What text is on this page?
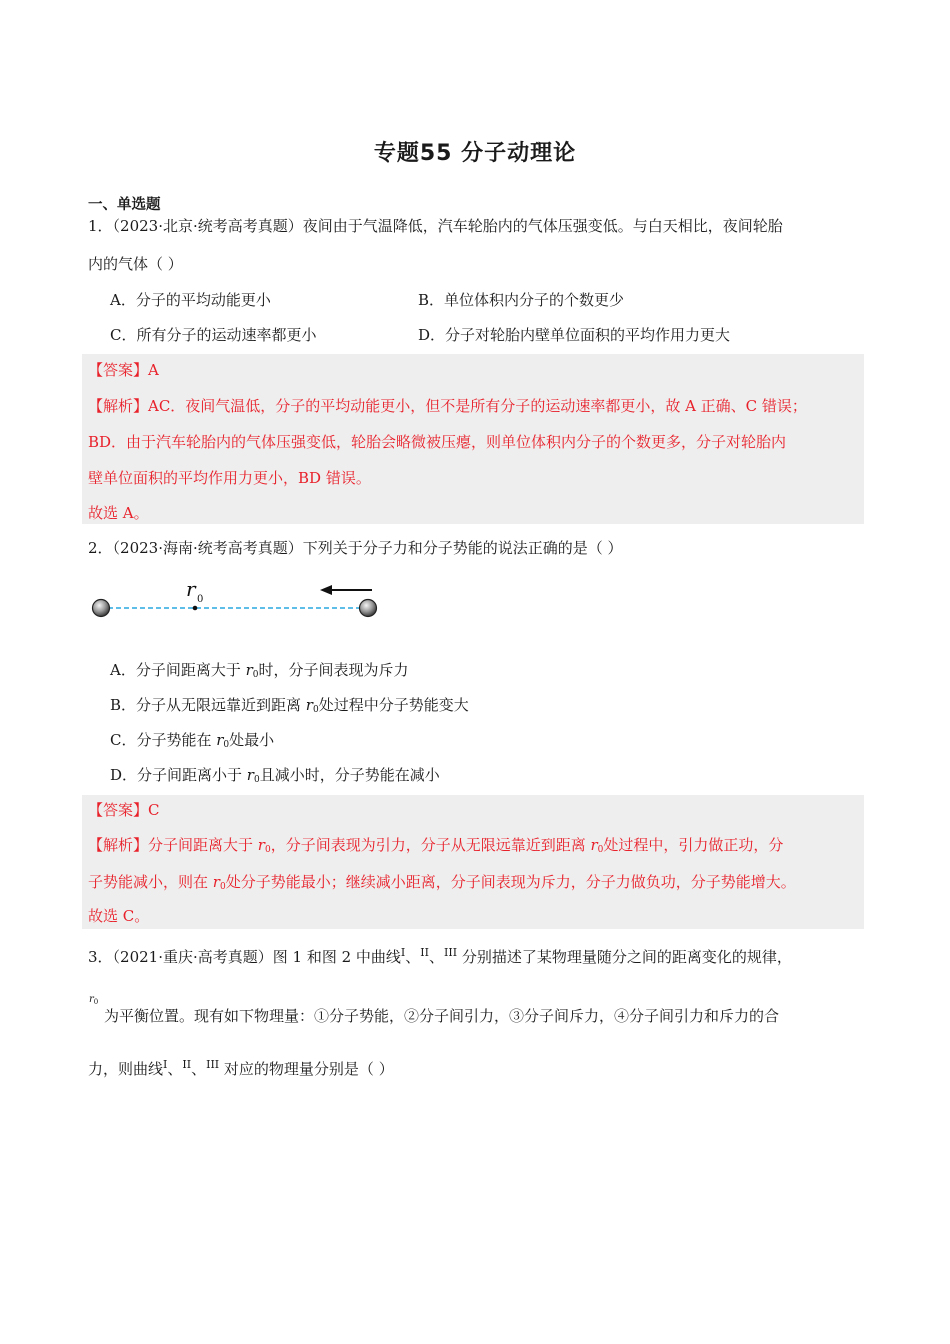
专题55 分子动理论
一、单选题
1．（2023·北京·统考高考真题）夜间由于气温降低，汽车轮胎内的气体压强变低。与白天相比，夜间轮胎
内的气体（ ）
A．分子的平均动能更小	B．单位体积内分子的个数更少
C．所有分子的运动速率都更小	D．分子对轮胎内壁单位面积的平均作用力更大
【答案】A
【解析】AC．夜间气温低，分子的平均动能更小，但不是所有分子的运动速率都更小，故 A 正确、C 错误；
BD．由于汽车轮胎内的气体压强变低，轮胎会略微被压瘪，则单位体积内分子的个数更多，分子对轮胎内
壁单位面积的平均作用力更小，BD 错误。
故选 A。
2．（2023·海南·统考高考真题）下列关于分子力和分子势能的说法正确的是（ ）
r 0
A．分子间距离大于 $r_0$时，分子间表现为斥力
B．分子从无限远靠近到距离 $r_0$处过程中分子势能变大
C．分子势能在 $r_0$处最小
D．分子间距离小于 $r_0$且减小时，分子势能在减小
【答案】C
【解析】分子间距离大于 $r_0$，分子间表现为引力，分子从无限远靠近到距离 $r_0$处过程中，引力做正功，分
子势能减小，则在 $r_0$处分子势能最小；继续减小距离，分子间表现为斥力，分子力做负功，分子势能增大。
故选 C。
3．（2021·重庆·高考真题）图 1 和图 2 中曲线$^I$、$^{II}$、$^{III}$ 分别描述了某物理量随分之间的距离变化的规律，
$r_0$
为平衡位置。现有如下物理量：①分子势能，②分子间引力，③分子间斥力，④分子间引力和斥力的合
力，则曲线$^I$、$^{II}$、$^{III}$ 对应的物理量分别是（ ）
